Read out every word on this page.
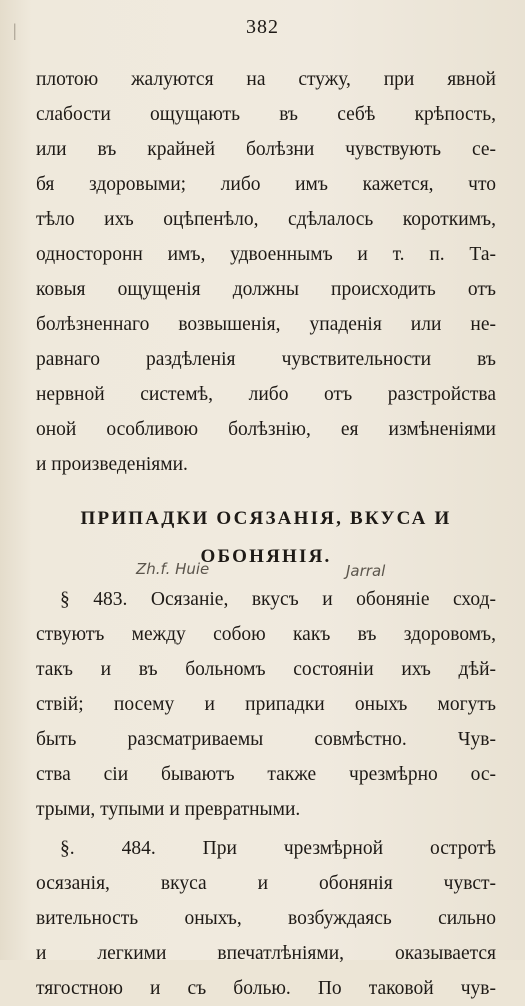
|	382
плотою жалуются на стужу, при явной
слабости ощущають въ себѣ крѣпость,
или въ крайней болѣзни чувствують се-
бя здоровыми; либо имъ кажется, что
тѣло ихъ оцѣпенѣло, сдѣлалось короткимъ,
односторонн имъ, удвоеннымъ и т. п. Та-
ковыя ощущенія должны происходить отъ
болѣзненнаго возвышенія, упаденія или не-
равнаго раздѣленія чувствительности въ
нервной системѣ, либо отъ разстройства
оной особливою болѣзнію, ея измѣненіями
и произведеніями.
ПРИПАДКИ ОСЯЗАНІЯ, ВКУСА И
ОБОНЯНІЯ.
Zh.f. Huie	Jarral
§ 483. Осязаніе, вкусъ и обоняніе сход-
ствуютъ между собою какъ въ здоровомъ,
такъ и въ больномъ состояніи ихъ дѣй-
ствій; посему и припадки оныхъ могутъ
быть разсматриваемы совмѣстно. Чув-
ства сіи бываютъ также чрезмѣрно ос-
трыми, тупыми и превратными.
§. 484. При чрезмѣрной остротѣ
осязанія, вкуса и обонянія чувст-
вительность оныхъ, возбуждаясь сильно
и легкими впечатлѣніями, оказывается
тягостною и съ болью. По таковой чув-
